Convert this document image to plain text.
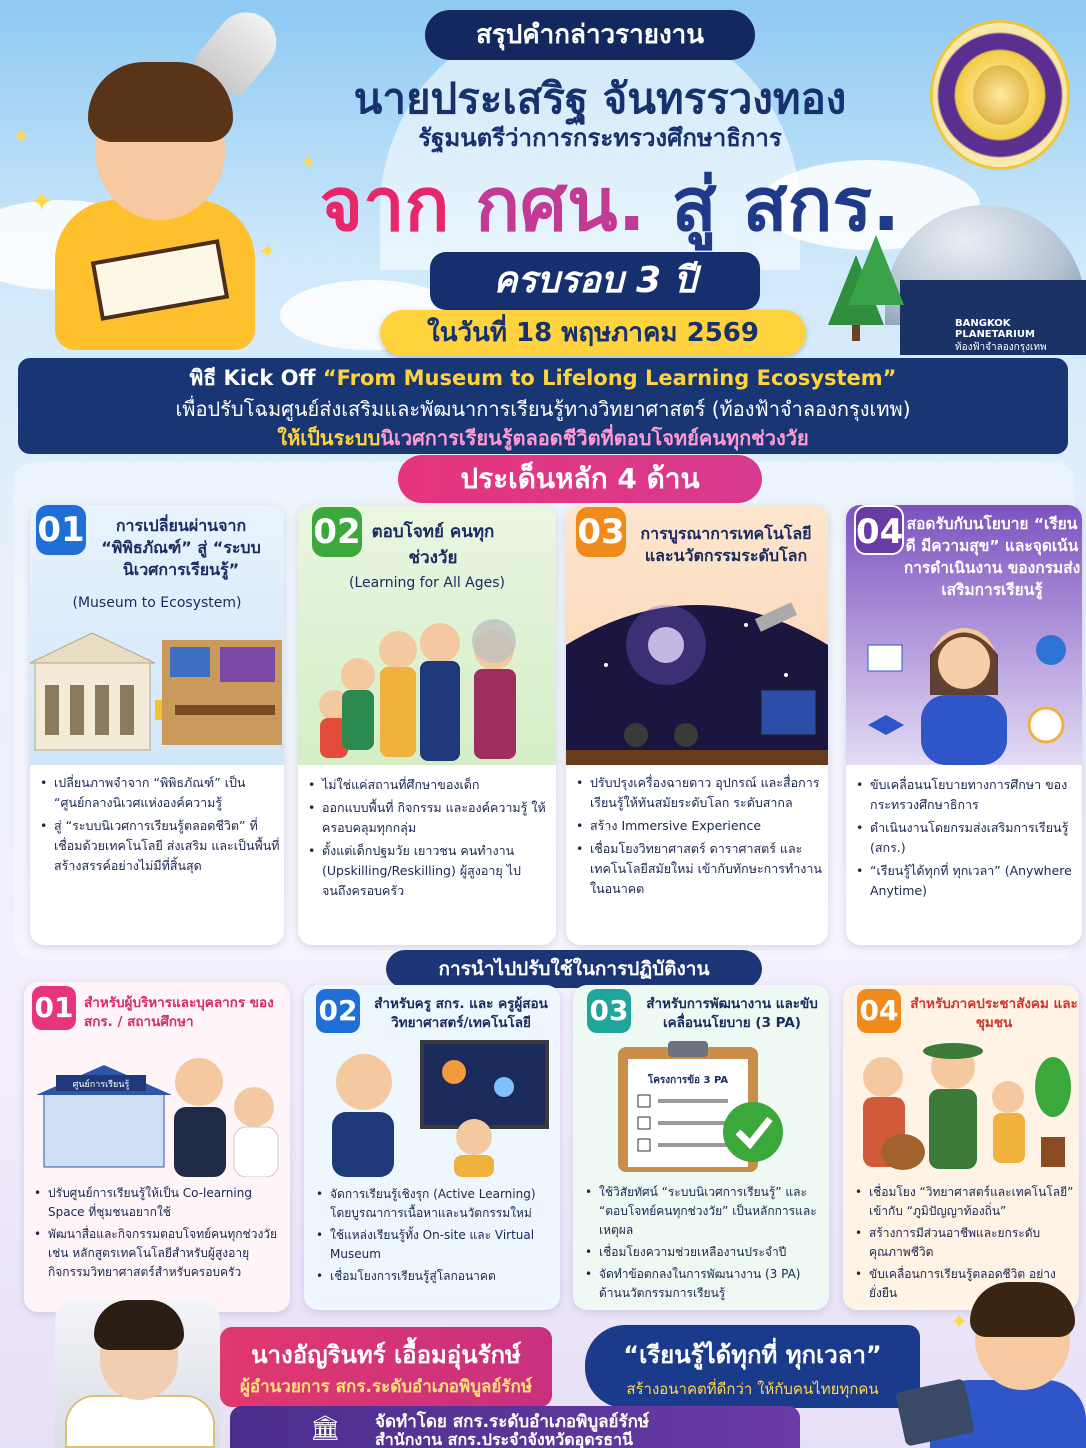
✦
✦
✦
✦
สรุปคำกล่าวรายงาน
นายประเสริฐ จันทรรวงทอง
รัฐมนตรีว่าการกระทรวงศึกษาธิการ
จาก กศน. สู่ สกร.
ครบรอบ 3 ปี
ในวันที่ 18 พฤษภาคม 2569	BANGKOK PLANETARIUM
ท้องฟ้าจำลองกรุงเทพ
พิธี Kick Off “From Museum to Lifelong Learning Ecosystem”
เพื่อปรับโฉมศูนย์ส่งเสริมและพัฒนาการเรียนรู้ทางวิทยาศาสตร์ (ท้องฟ้าจำลองกรุงเทพ)
ให้เป็นระบบนิเวศการเรียนรู้ตลอดชีวิตที่ตอบโจทย์คนทุกช่วงวัย
ประเด็นหลัก 4 ด้าน
01	การเปลี่ยนผ่านจาก “พิพิธภัณฑ์” สู่ “ระบบนิเวศการเรียนรู้”
(Museum to Ecosystem)
• เปลี่ยนภาพจำจาก “พิพิธภัณฑ์” เป็น “ศูนย์กลางนิเวศแห่งองค์ความรู้
• สู่ “ระบบนิเวศการเรียนรู้ตลอดชีวิต” ที่เชื่อมด้วยเทคโนโลยี ส่งเสริม และเป็นพื้นที่สร้างสรรค์อย่างไม่มีที่สิ้นสุด
02 ตอบโจทย์ คนทุกช่วงวัย
(Learning for All Ages)
• ไม่ใช่แค่สถานที่ศึกษาของเด็ก
• ออกแบบพื้นที่ กิจกรรม และองค์ความรู้ ให้ครอบคลุมทุกกลุ่ม
• ตั้งแต่เด็กปฐมวัย เยาวชน คนทำงาน (Upskilling/Reskilling) ผู้สูงอายุ ไปจนถึงครอบครัว
03 การบูรณาการเทคโนโลยี และนวัตกรรมระดับโลก
• ปรับปรุงเครื่องฉายดาว อุปกรณ์ และสื่อการเรียนรู้ให้ทันสมัยระดับโลก ระดับสากล
• สร้าง Immersive Experience
• เชื่อมโยงวิทยาศาสตร์ ดาราศาสตร์ และเทคโนโลยีสมัยใหม่ เข้ากับทักษะการทำงานในอนาคต
04 สอดรับกับนโยบาย “เรียนดี มีความสุข” และจุดเน้นการดำเนินงาน ของกรมส่งเสริมการเรียนรู้
• ขับเคลื่อนนโยบายทางการศึกษา ของกระทรวงศึกษาธิการ
• ดำเนินงานโดยกรมส่งเสริมการเรียนรู้ (สกร.)
• “เรียนรู้ได้ทุกที่ ทุกเวลา” (Anywhere Anytime)
การนำไปปรับใช้ในการปฏิบัติงาน
01 สำหรับผู้บริหารและบุคลากร ของ สกร. / สถานศึกษา
ศูนย์การเรียนรู้
• ปรับศูนย์การเรียนรู้ให้เป็น Co-learning Space ที่ชุมชนอยากใช้
• พัฒนาสื่อและกิจกรรมตอบโจทย์คนทุกช่วงวัย เช่น หลักสูตรเทคโนโลยีสำหรับผู้สูงอายุ กิจกรรมวิทยาศาสตร์สำหรับครอบครัว
02	สำหรับครู สกร. และ ครูผู้สอนวิทยาศาสตร์/เทคโนโลยี
• จัดการเรียนรู้เชิงรุก (Active Learning) โดยบูรณาการเนื้อหาและนวัตกรรมใหม่
• ใช้แหล่งเรียนรู้ทั้ง On-site และ Virtual Museum
• เชื่อมโยงการเรียนรู้สู่โลกอนาคต
03	สำหรับการพัฒนางาน และขับเคลื่อนนโยบาย (3 PA)
โครงการข้อ 3 PA
• ใช้วิสัยทัศน์ “ระบบนิเวศการเรียนรู้” และ “ตอบโจทย์คนทุกช่วงวัย” เป็นหลักการและเหตุผล
• เชื่อมโยงความช่วยเหลืองานประจำปี
• จัดทำข้อตกลงในการพัฒนางาน (3 PA) ด้านนวัตกรรมการเรียนรู้
04 สำหรับภาคประชาสังคม และชุมชน
• เชื่อมโยง “วิทยาศาสตร์และเทคโนโลยี” เข้ากับ “ภูมิปัญญาท้องถิ่น”
• สร้างการมีส่วนอาชีพและยกระดับคุณภาพชีวิต
• ขับเคลื่อนการเรียนรู้ตลอดชีวิต อย่างยั่งยืน
นางอัญรินทร์ เอื้อมอุ่นรักษ์
ผู้อำนวยการ สกร.ระดับอำเภอพิบูลย์รักษ์
“เรียนรู้ได้ทุกที่ ทุกเวลา”
สร้างอนาคตที่ดีกว่า ให้กับคนไทยทุกคน
✦
🏛 จัดทำโดย สกร.ระดับอำเภอพิบูลย์รักษ์
สำนักงาน สกร.ประจำจังหวัดอุดรธานี
